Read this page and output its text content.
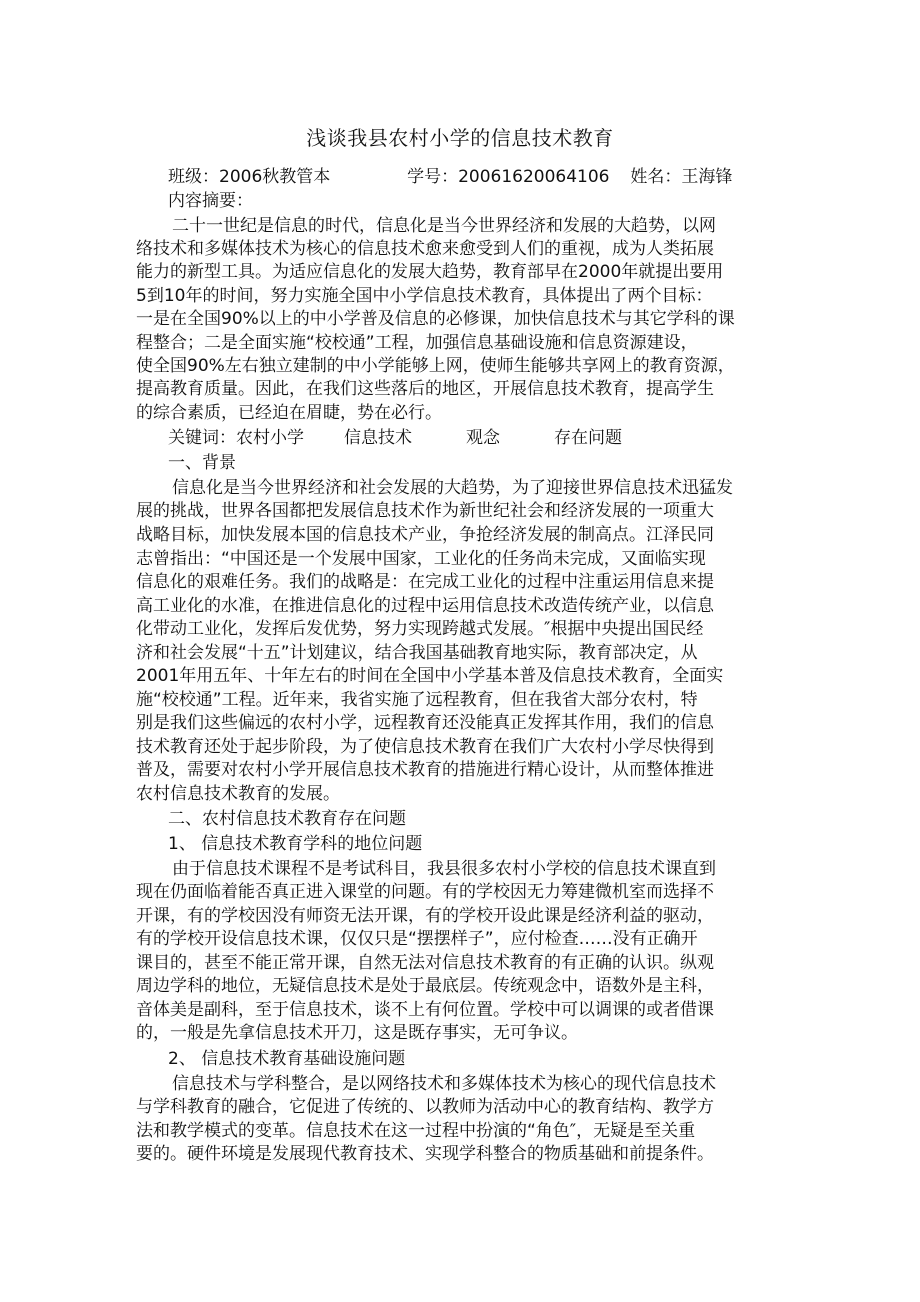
浅谈我县农村小学的信息技术教育
班级：2006秋教管本	学号：20061620064106 姓名：王海锋
内容摘要：
二十一世纪是信息的时代，信息化是当今世界经济和发展的大趋势，以网
络技术和多媒体技术为核心的信息技术愈来愈受到人们的重视，成为人类拓展
能力的新型工具。为适应信息化的发展大趋势，教育部早在2000年就提出要用
5到10年的时间，努力实施全国中小学信息技术教育，具体提出了两个目标：
一是在全国90%以上的中小学普及信息的必修课，加快信息技术与其它学科的课
程整合；二是全面实施“校校通”工程，加强信息基础设施和信息资源建设，
使全国90%左右独立建制的中小学能够上网，使师生能够共享网上的教育资源，
提高教育质量。因此，在我们这些落后的地区，开展信息技术教育，提高学生
的综合素质，已经迫在眉睫，势在必行。
关键词：农村小学 信息技术	观念	存在问题
一、背景
信息化是当今世界经济和社会发展的大趋势，为了迎接世界信息技术迅猛发
展的挑战，世界各国都把发展信息技术作为新世纪社会和经济发展的一项重大
战略目标，加快发展本国的信息技术产业，争抢经济发展的制高点。江泽民同
志曾指出：“中国还是一个发展中国家，工业化的任务尚未完成，又面临实现
信息化的艰难任务。我们的战略是：在完成工业化的过程中注重运用信息来提
高工业化的水准，在推进信息化的过程中运用信息技术改造传统产业，以信息
化带动工业化，发挥后发优势，努力实现跨越式发展。″根据中央提出国民经
济和社会发展“十五”计划建议，结合我国基础教育地实际，教育部决定，从
2001年用五年、十年左右的时间在全国中小学基本普及信息技术教育，全面实
施“校校通”工程。近年来，我省实施了远程教育，但在我省大部分农村，特
别是我们这些偏远的农村小学，远程教育还没能真正发挥其作用，我们的信息
技术教育还处于起步阶段，为了使信息技术教育在我们广大农村小学尽快得到
普及，需要对农村小学开展信息技术教育的措施进行精心设计，从而整体推进
农村信息技术教育的发展。
二、农村信息技术教育存在问题
1、 信息技术教育学科的地位问题
由于信息技术课程不是考试科目，我县很多农村小学校的信息技术课直到
现在仍面临着能否真正进入课堂的问题。有的学校因无力筹建微机室而选择不
开课，有的学校因没有师资无法开课，有的学校开设此课是经济利益的驱动，
有的学校开设信息技术课，仅仅只是“摆摆样子”，应付检查……没有正确开
课目的，甚至不能正常开课，自然无法对信息技术教育的有正确的认识。纵观
周边学科的地位，无疑信息技术是处于最底层。传统观念中，语数外是主科，
音体美是副科，至于信息技术，谈不上有何位置。学校中可以调课的或者借课
的，一般是先拿信息技术开刀，这是既存事实，无可争议。
2、 信息技术教育基础设施问题
信息技术与学科整合，是以网络技术和多媒体技术为核心的现代信息技术
与学科教育的融合，它促进了传统的、以教师为活动中心的教育结构、教学方
法和教学模式的变革。信息技术在这一过程中扮演的“角色″，无疑是至关重
要的。硬件环境是发展现代教育技术、实现学科整合的物质基础和前提条件。
